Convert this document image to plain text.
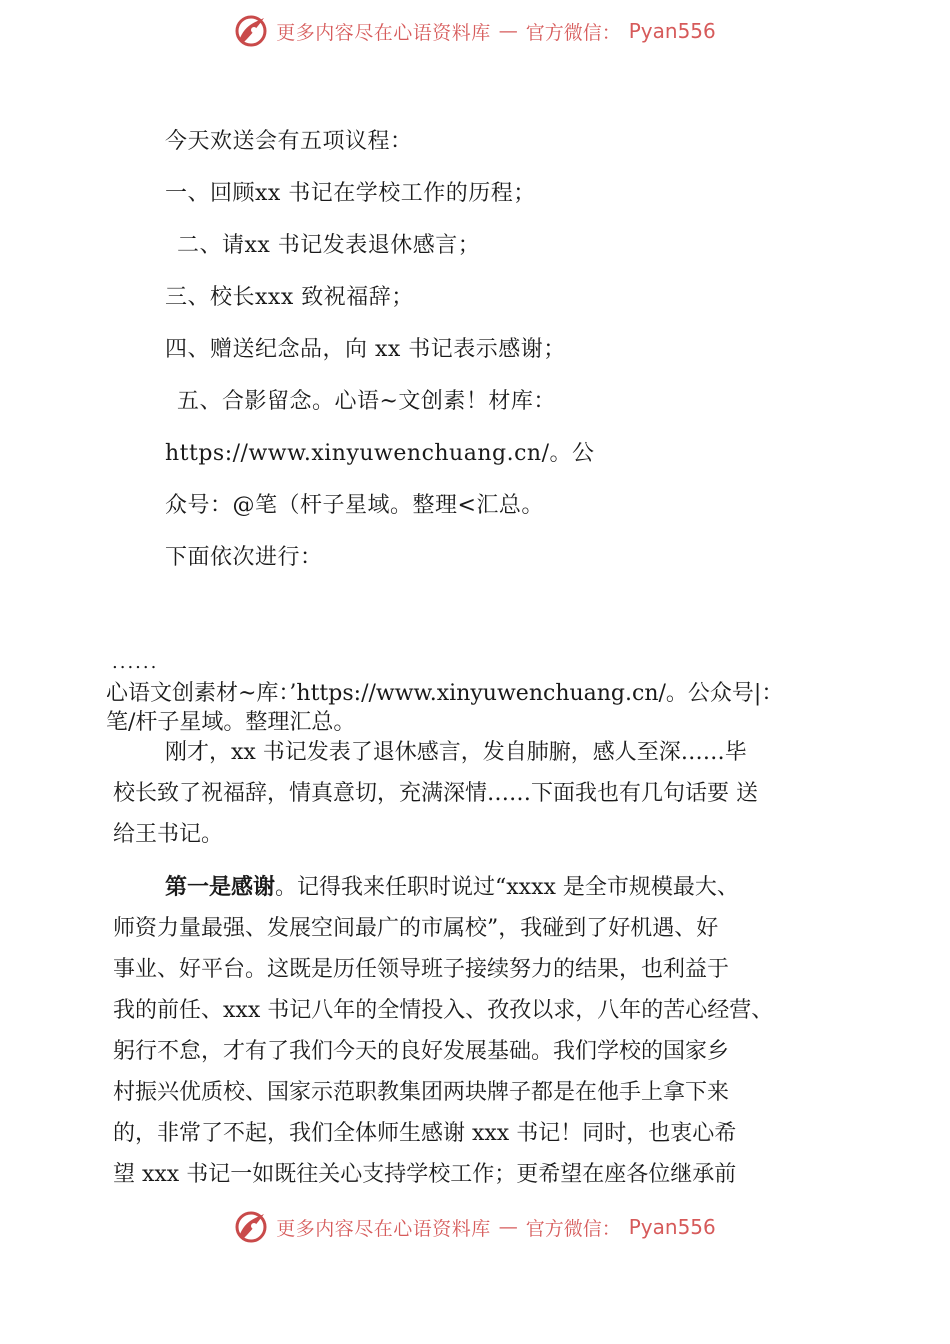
更多内容尽在心语资料库 — 官方微信： Pyan556
今天欢送会有五项议程：
一、回顾xx 书记在学校工作的历程；
二、请xx 书记发表退休感言；
三、校长xxx 致祝福辞；
四、赠送纪念品，向 xx 书记表示感谢；
五、合影留念。心语~文创素！材库：
https://www.xinyuwenchuang.cn/。公
众号：@笔（杆子星域。整理<汇总。
下面依次进行：
......
心语文创素材~库：’https://www.xinyuwenchuang.cn/。公众号|：
笔/杆子星域。整理汇总。
刚才，xx 书记发表了退休感言，发自肺腑，感人至深……毕
校长致了祝福辞，情真意切，充满深情……下面我也有几句话要 送
给王书记。
第一是感谢。记得我来任职时说过“xxxx 是全市规模最大、
师资力量最强、发展空间最广的市属校”，我碰到了好机遇、好
事业、好平台。这既是历任领导班子接续努力的结果，也利益于
我的前任、xxx 书记八年的全情投入、孜孜以求，八年的苦心经营、
躬行不怠，才有了我们今天的良好发展基础。我们学校的国家乡
村振兴优质校、国家示范职教集团两块牌子都是在他手上拿下来
的，非常了不起，我们全体师生感谢 xxx 书记！同时，也衷心希
望 xxx 书记一如既往关心支持学校工作；更希望在座各位继承前
更多内容尽在心语资料库 — 官方微信： Pyan556
